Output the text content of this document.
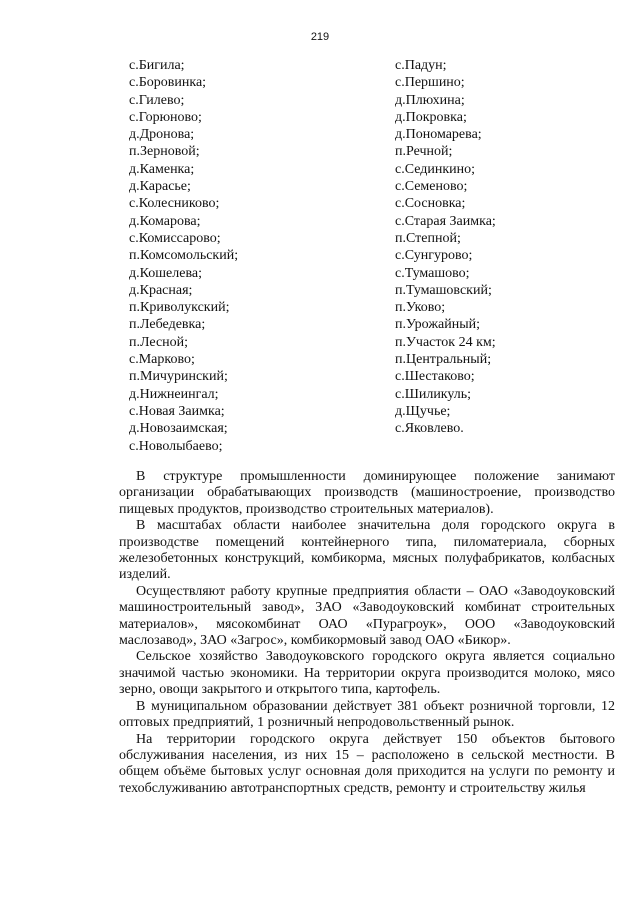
219
с.Бигила;
с.Боровинка;
с.Гилево;
с.Горюново;
д.Дронова;
п.Зерновой;
д.Каменка;
д.Карасье;
с.Колесниково;
д.Комарова;
с.Комиссарово;
п.Комсомольский;
д.Кошелева;
д.Красная;
п.Криволукский;
п.Лебедевка;
п.Лесной;
с.Марково;
п.Мичуринский;
д.Нижнеингал;
с.Новая Заимка;
д.Новозаимская;
с.Новолыбаево;
с.Падун;
с.Першино;
д.Плюхина;
д.Покровка;
д.Пономарева;
п.Речной;
с.Сединкино;
с.Семеново;
с.Сосновка;
с.Старая Заимка;
п.Степной;
с.Сунгурово;
с.Тумашово;
п.Тумашовский;
п.Уково;
п.Урожайный;
п.Участок 24 км;
п.Центральный;
с.Шестаково;
с.Шиликуль;
д.Щучье;
с.Яковлево.

В структуре промышленности доминирующее положение занимают организации обрабатывающих производств (машиностроение, производство пищевых продуктов, производство строительных материалов).

В масштабах области наиболее значительна доля городского округа в производстве помещений контейнерного типа, пиломатериала, сборных железобетонных конструкций, комбикорма, мясных полуфабрикатов, колбасных изделий.

Осуществляют работу крупные предприятия области – ОАО «Заводоуковский машиностроительный завод», ЗАО «Заводоуковский комбинат строительных материалов», мясокомбинат ОАО «Пурагроук», ООО «Заводоуковский маслозавод», ЗАО «Загрос», комбикормовый завод ОАО «Бикор».

Сельское хозяйство Заводоуковского городского округа является социально значимой частью экономики. На территории округа производится молоко, мясо зерно, овощи закрытого и открытого типа, картофель.

В муниципальном образовании действует 381 объект розничной торговли, 12 оптовых предприятий, 1 розничный непродовольственный рынок.

На территории городского округа действует 150 объектов бытового обслуживания населения, из них 15 – расположено в сельской местности. В общем объёме бытовых услуг основная доля приходится на услуги по ремонту и техобслуживанию автотранспортных средств, ремонту и строительству жилья
